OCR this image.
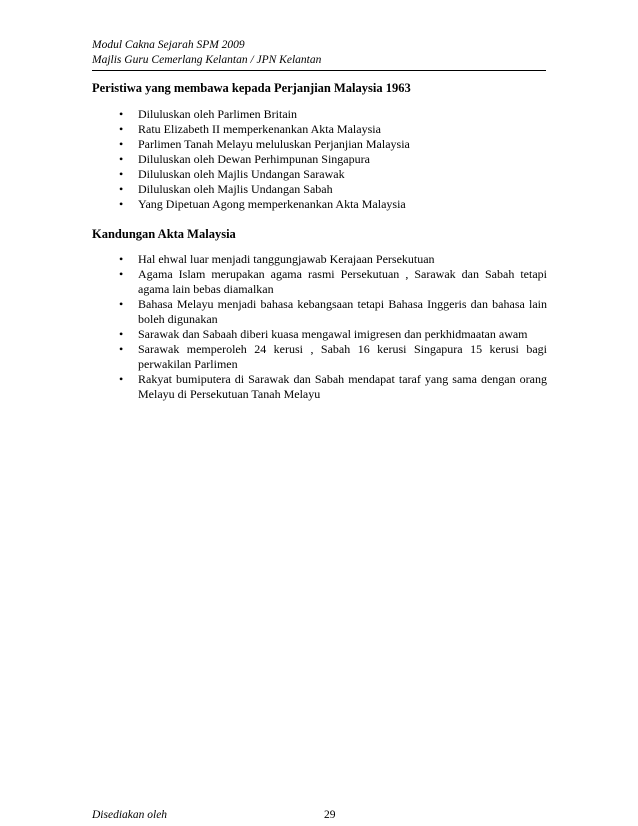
Modul Cakna Sejarah SPM 2009
Majlis Guru Cemerlang Kelantan / JPN Kelantan
Peristiwa yang membawa kepada Perjanjian Malaysia 1963
• Diluluskan oleh Parlimen Britain
• Ratu Elizabeth II memperkenankan Akta Malaysia
• Parlimen Tanah Melayu meluluskan Perjanjian Malaysia
• Diluluskan oleh Dewan Perhimpunan Singapura
• Diluluskan oleh Majlis Undangan Sarawak
• Diluluskan oleh Majlis Undangan Sabah
• Yang Dipetuan Agong memperkenankan Akta Malaysia
Kandungan Akta Malaysia
• Hal ehwal luar menjadi tanggungjawab Kerajaan Persekutuan
• Agama Islam merupakan agama rasmi Persekutuan , Sarawak dan Sabah tetapi agama lain bebas diamalkan
• Bahasa Melayu menjadi bahasa kebangsaan tetapi Bahasa Inggeris dan bahasa lain boleh digunakan
• Sarawak dan Sabaah diberi kuasa mengawal imigresen dan perkhidmaatan awam
• Sarawak memperoleh 24 kerusi , Sabah 16 kerusi Singapura 15 kerusi bagi perwakilan Parlimen
• Rakyat bumiputera di Sarawak dan Sabah mendapat taraf yang sama dengan orang Melayu di Persekutuan Tanah Melayu
Disediakan oleh	29
